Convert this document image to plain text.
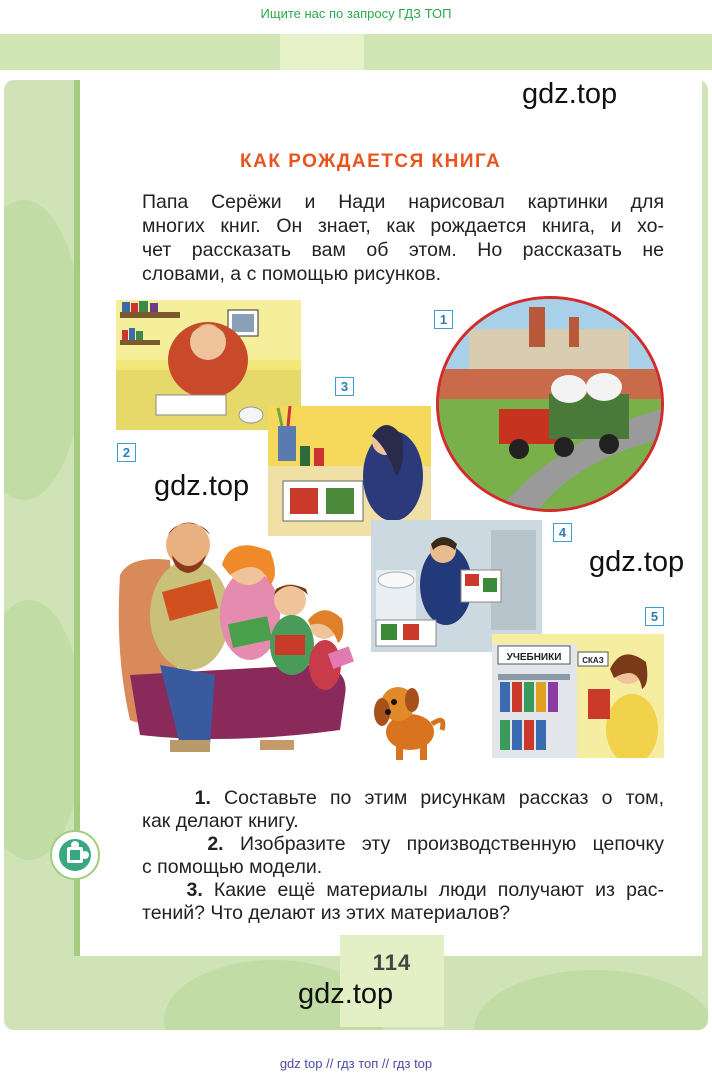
Ищите нас по запросу ГДЗ ТОП
gdz.top
КАК РОЖДАЕТСЯ КНИГА
Папа Серёжи и Нади нарисовал картинки для
многих книг. Он знает, как рождается книга, и хо-
чет рассказать вам об этом. Но рассказать не
словами, а с помощью рисунков.
2
1
3
gdz.top
4
gdz.top
5
УЧЕБНИКИ	СКАЗ
1. Составьте по этим рисункам рассказ о том,
как делают книгу.
2. Изобразите эту производственную цепочку
с помощью модели.
3. Какие ещё материалы люди получают из рас-
тений? Что делают из этих материалов?
114
gdz.top
gdz top // гдз топ // гдз top
